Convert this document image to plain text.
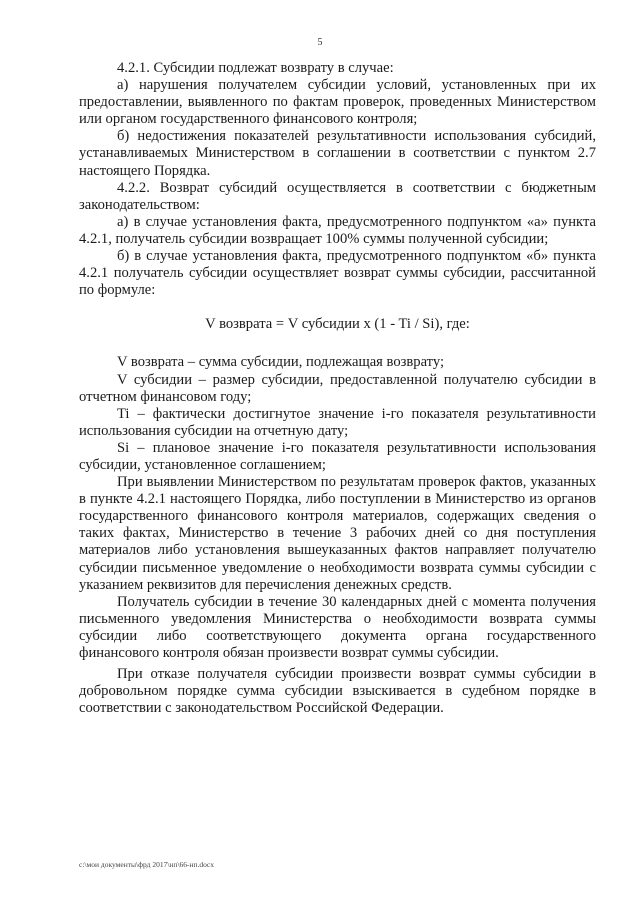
5

4.2.1. Субсидии подлежат возврату в случае:

а) нарушения получателем субсидии условий, установленных при их предоставлении, выявленного по фактам проверок, проведенных Министерством или органом государственного финансового контроля;

б) недостижения показателей результативности использования субсидий, устанавливаемых Министерством в соглашении в соответствии с пунктом 2.7 настоящего Порядка.

4.2.2. Возврат субсидий осуществляется в соответствии с бюджетным законодательством:

а) в случае установления факта, предусмотренного подпунктом «а» пункта 4.2.1, получатель субсидии возвращает 100% суммы полученной субсидии;

б) в случае установления факта, предусмотренного подпунктом «б» пункта 4.2.1 получатель субсидии осуществляет возврат суммы субсидии, рассчитанной по формуле:

V возврата = V субсидии x (1 - Ti / Si), где:

V возврата – сумма субсидии, подлежащая возврату;

V субсидии – размер субсидии, предоставленной получателю субсидии в отчетном финансовом году;

Ti – фактически достигнутое значение i-го показателя результативности использования субсидии на отчетную дату;

Si – плановое значение i-го показателя результативности использования субсидии, установленное соглашением;

При выявлении Министерством по результатам проверок фактов, указанных в пункте 4.2.1 настоящего Порядка, либо поступлении в Министерство из органов государственного финансового контроля материалов, содержащих сведения о таких фактах, Министерство в течение 3 рабочих дней со дня поступления материалов либо установления вышеуказанных фактов направляет получателю субсидии письменное уведомление о необходимости возврата суммы субсидии с указанием реквизитов для перечисления денежных средств.

Получатель субсидии в течение 30 календарных дней с момента получения письменного уведомления Министерства о необходимости возврата суммы субсидии либо соответствующего документа органа государственного финансового контроля обязан произвести возврат суммы субсидии.

При отказе получателя субсидии произвести возврат суммы субсидии в добровольном порядке сумма субсидии взыскивается в судебном порядке в соответствии с законодательством Российской Федерации.

c:\мои документы\фрд 2017\нп\66-нп.docx
